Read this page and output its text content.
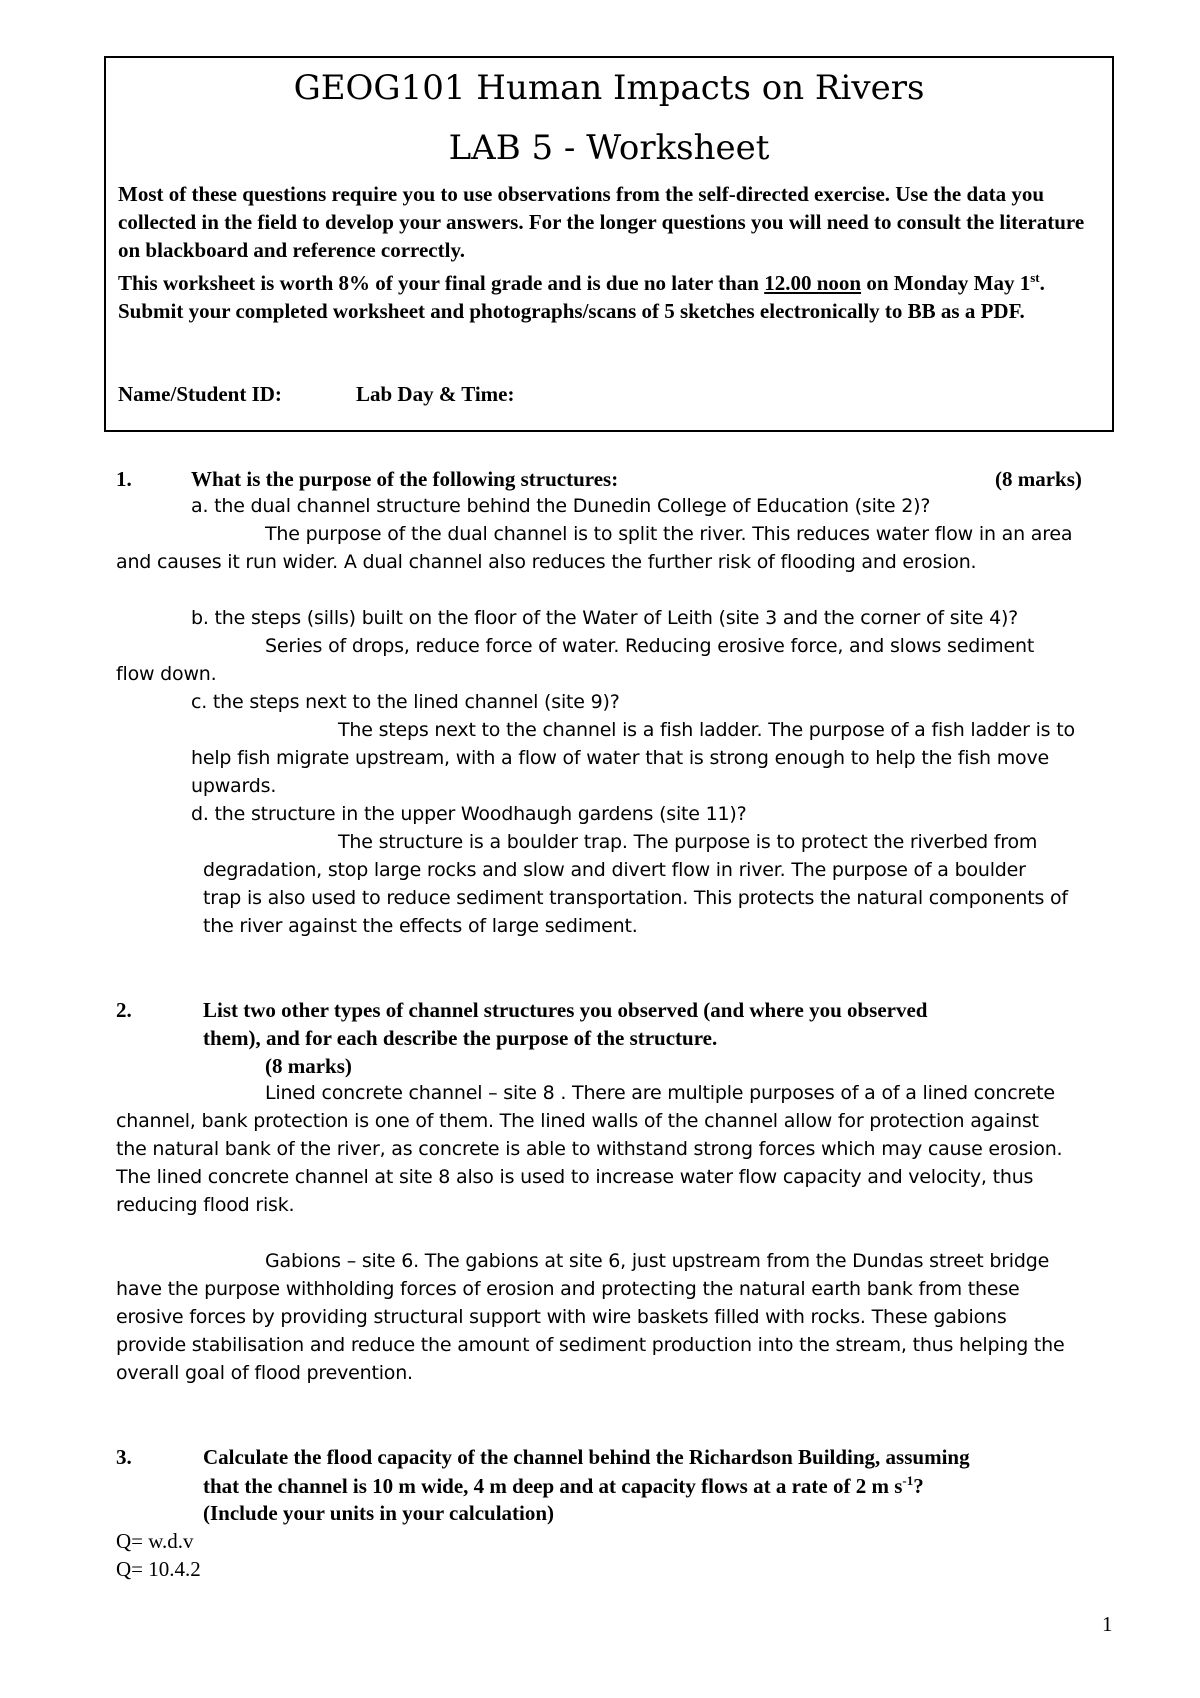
GEOG101 Human Impacts on Rivers
LAB 5 - Worksheet

Most of these questions require you to use observations from the self-directed exercise. Use the data you collected in the field to develop your answers. For the longer questions you will need to consult the literature on blackboard and reference correctly.

This worksheet is worth 8% of your final grade and is due no later than 12.00 noon on Monday May 1st. Submit your completed worksheet and photographs/scans of 5 sketches electronically to BB as a PDF.

Name/Student ID:	Lab Day & Time:
1.	What is the purpose of the following structures:	(8 marks)
a. the dual channel structure behind the Dunedin College of Education (site 2)?
The purpose of the dual channel is to split the river. This reduces water flow in an area
and causes it run wider. A dual channel also reduces the further risk of flooding and erosion.
b. the steps (sills) built on the floor of the Water of Leith (site 3 and the corner of site 4)?
Series of drops, reduce force of water. Reducing erosive force, and slows sediment
flow down.
c. the steps next to the lined channel (site 9)?
The steps next to the channel is a fish ladder. The purpose of a fish ladder is to
help fish migrate upstream, with a flow of water that is strong enough to help the fish move
upwards.
d. the structure in the upper Woodhaugh gardens (site 11)?
The structure is a boulder trap. The purpose is to protect the riverbed from
degradation, stop large rocks and slow and divert flow in river. The purpose of a boulder
trap is also used to reduce sediment transportation. This protects the natural components of
the river against the effects of large sediment.
2.	List two other types of channel structures you observed (and where you observed
them), and for each describe the purpose of the structure.
(8 marks)
Lined concrete channel – site 8 . There are multiple purposes of a of a lined concrete
channel, bank protection is one of them. The lined walls of the channel allow for protection against
the natural bank of the river, as concrete is able to withstand strong forces which may cause erosion.
The lined concrete channel at site 8 also is used to increase water flow capacity and velocity, thus
reducing flood risk.
Gabions – site 6. The gabions at site 6, just upstream from the Dundas street bridge
have the purpose withholding forces of erosion and protecting the natural earth bank from these
erosive forces by providing structural support with wire baskets filled with rocks. These gabions
provide stabilisation and reduce the amount of sediment production into the stream, thus helping the
overall goal of flood prevention.
3.	Calculate the flood capacity of the channel behind the Richardson Building, assuming
that the channel is 10 m wide, 4 m deep and at capacity flows at a rate of 2 m $s^{-1}$?
(Include your units in your calculation)
Q= w.d.v
Q= 10.4.2
1
